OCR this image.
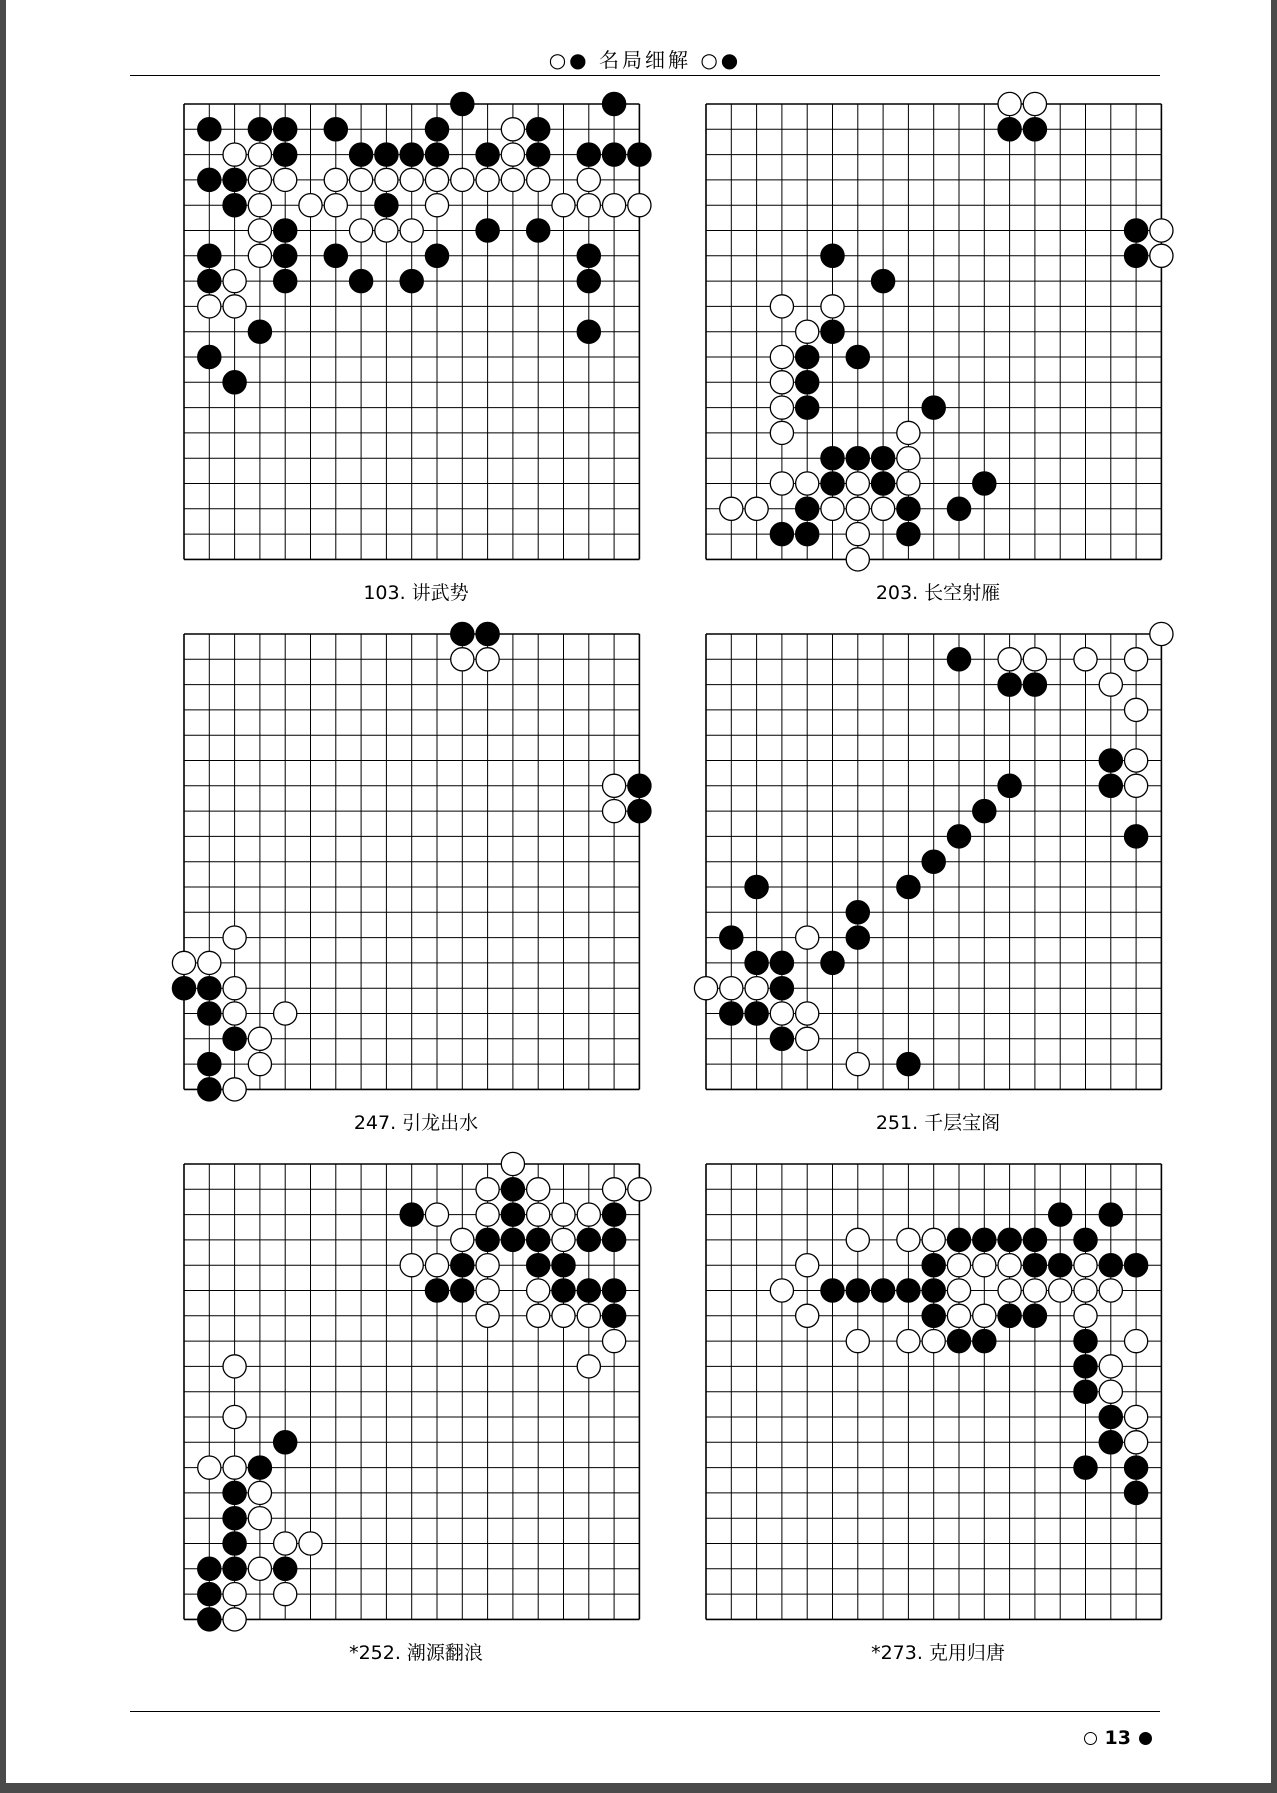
○● 名局细解 ○●
103. 讲武势	203. 长空射雁
247. 引龙出水	251. 千层宝阁
*252. 潮源翻浪	*273. 克用归唐
13
